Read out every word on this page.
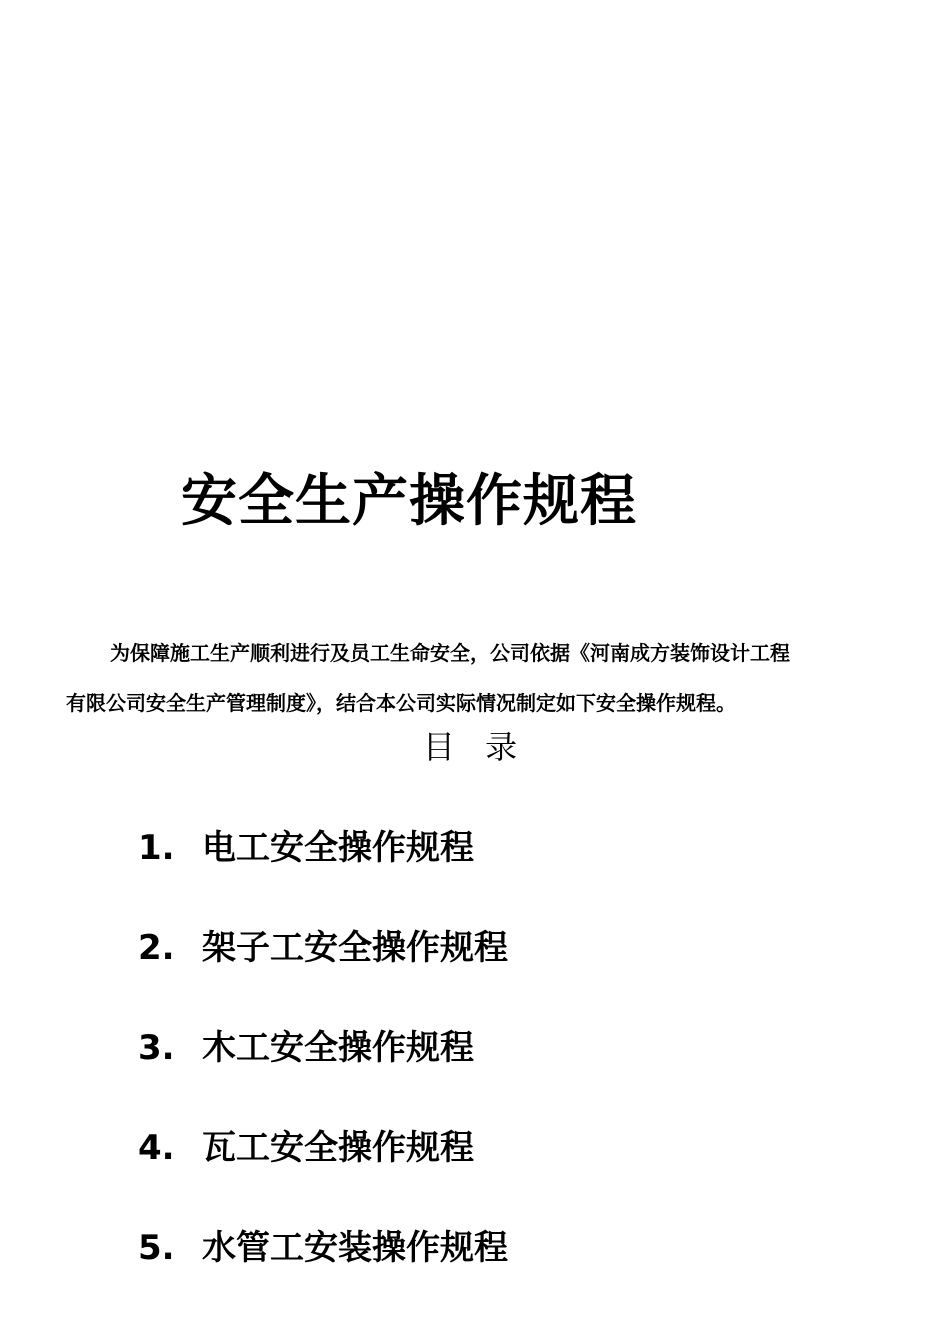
安全生产操作规程
为保障施工生产顺利进行及员工生命安全，公司依据《河南成方装饰设计工程
有限公司安全生产管理制度》，结合本公司实际情况制定如下安全操作规程。
目 录
1. 电工安全操作规程
2. 架子工安全操作规程
3. 木工安全操作规程
4. 瓦工安全操作规程
5. 水管工安装操作规程
